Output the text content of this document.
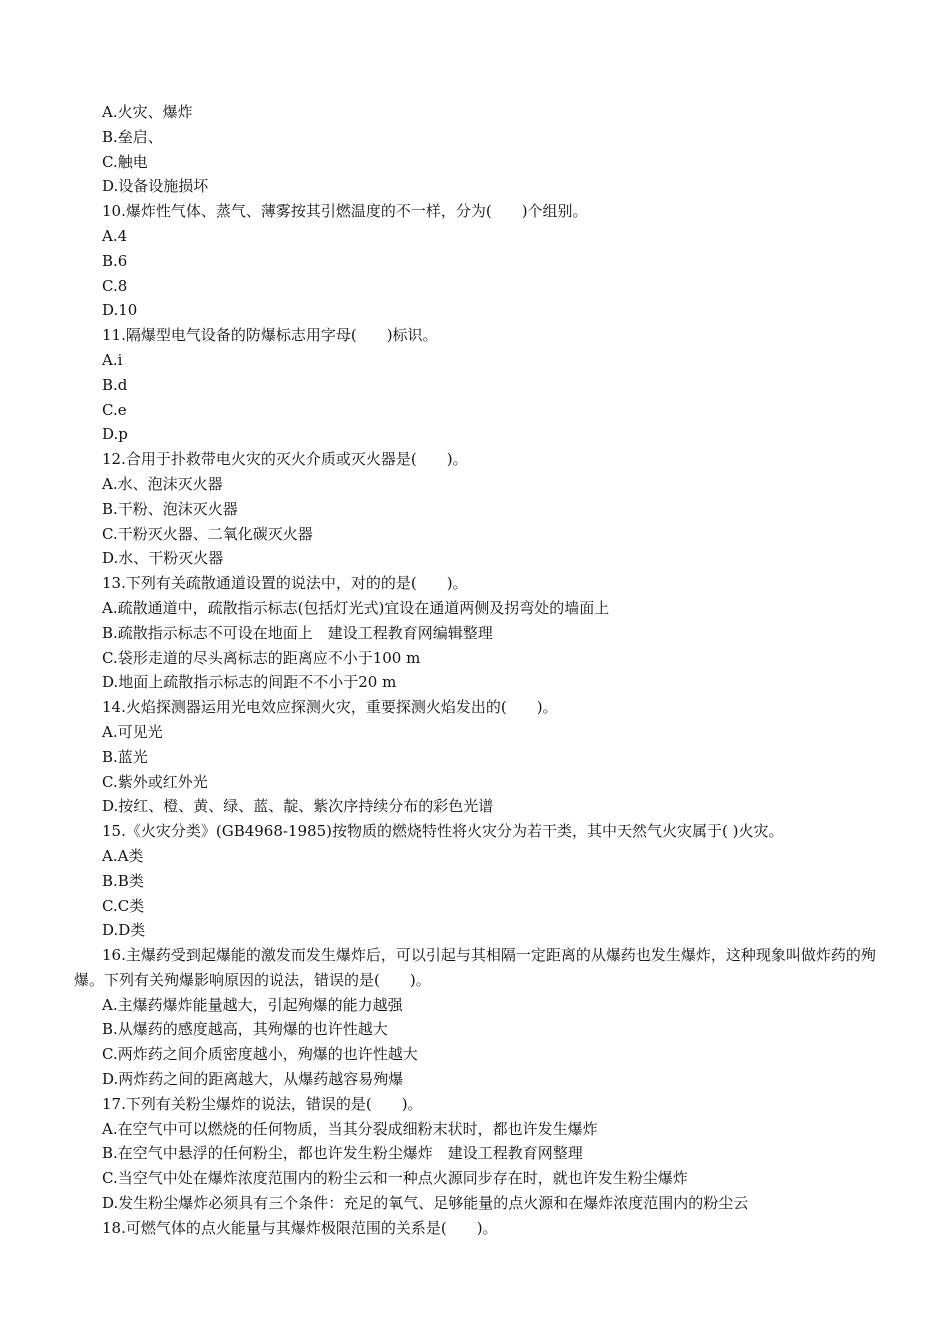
A.火灾、爆炸
B.垒启、
C.触电
D.设备设施损坏
10.爆炸性气体、蒸气、薄雾按其引燃温度的不一样，分为(　　)个组别。
A.4
B.6
C.8
D.10
11.隔爆型电气设备的防爆标志用字母(　　)标识。
A.i
B.d
C.e
D.p
12.合用于扑救带电火灾的灭火介质或灭火器是(　　)。
A.水、泡沫灭火器
B.干粉、泡沫灭火器
C.干粉灭火器、二氧化碳灭火器
D.水、干粉灭火器
13.下列有关疏散通道设置的说法中，对的的是(　　)。
A.疏散通道中，疏散指示标志(包括灯光式)宜设在通道两侧及拐弯处的墙面上
B.疏散指示标志不可设在地面上　建设工程教育网编辑整理
C.袋形走道的尽头离标志的距离应不小于100 m
D.地面上疏散指示标志的间距不不小于20 m
14.火焰探测器运用光电效应探测火灾，重要探测火焰发出的(　　)。
A.可见光
B.蓝光
C.紫外或红外光
D.按红、橙、黄、绿、蓝、靛、紫次序持续分布的彩色光谱
15.《火灾分类》(GB4968-1985)按物质的燃烧特性将火灾分为若干类，其中天然气火灾属于( )火灾。
A.A类
B.B类
C.C类
D.D类
16.主爆药受到起爆能的激发而发生爆炸后，可以引起与其相隔一定距离的从爆药也发生爆炸，这种现象叫做炸药的殉爆。下列有关殉爆影响原因的说法，错误的是(　　)。
A.主爆药爆炸能量越大，引起殉爆的能力越强
B.从爆药的感度越高，其殉爆的也许性越大
C.两炸药之间介质密度越小，殉爆的也许性越大
D.两炸药之间的距离越大，从爆药越容易殉爆
17.下列有关粉尘爆炸的说法，错误的是(　　)。
A.在空气中可以燃烧的任何物质，当其分裂成细粉末状时，都也许发生爆炸
B.在空气中悬浮的任何粉尘，都也许发生粉尘爆炸　建设工程教育网整理
C.当空气中处在爆炸浓度范围内的粉尘云和一种点火源同步存在时，就也许发生粉尘爆炸
D.发生粉尘爆炸必须具有三个条件：充足的氧气、足够能量的点火源和在爆炸浓度范围内的粉尘云
18.可燃气体的点火能量与其爆炸极限范围的关系是(　　)。
